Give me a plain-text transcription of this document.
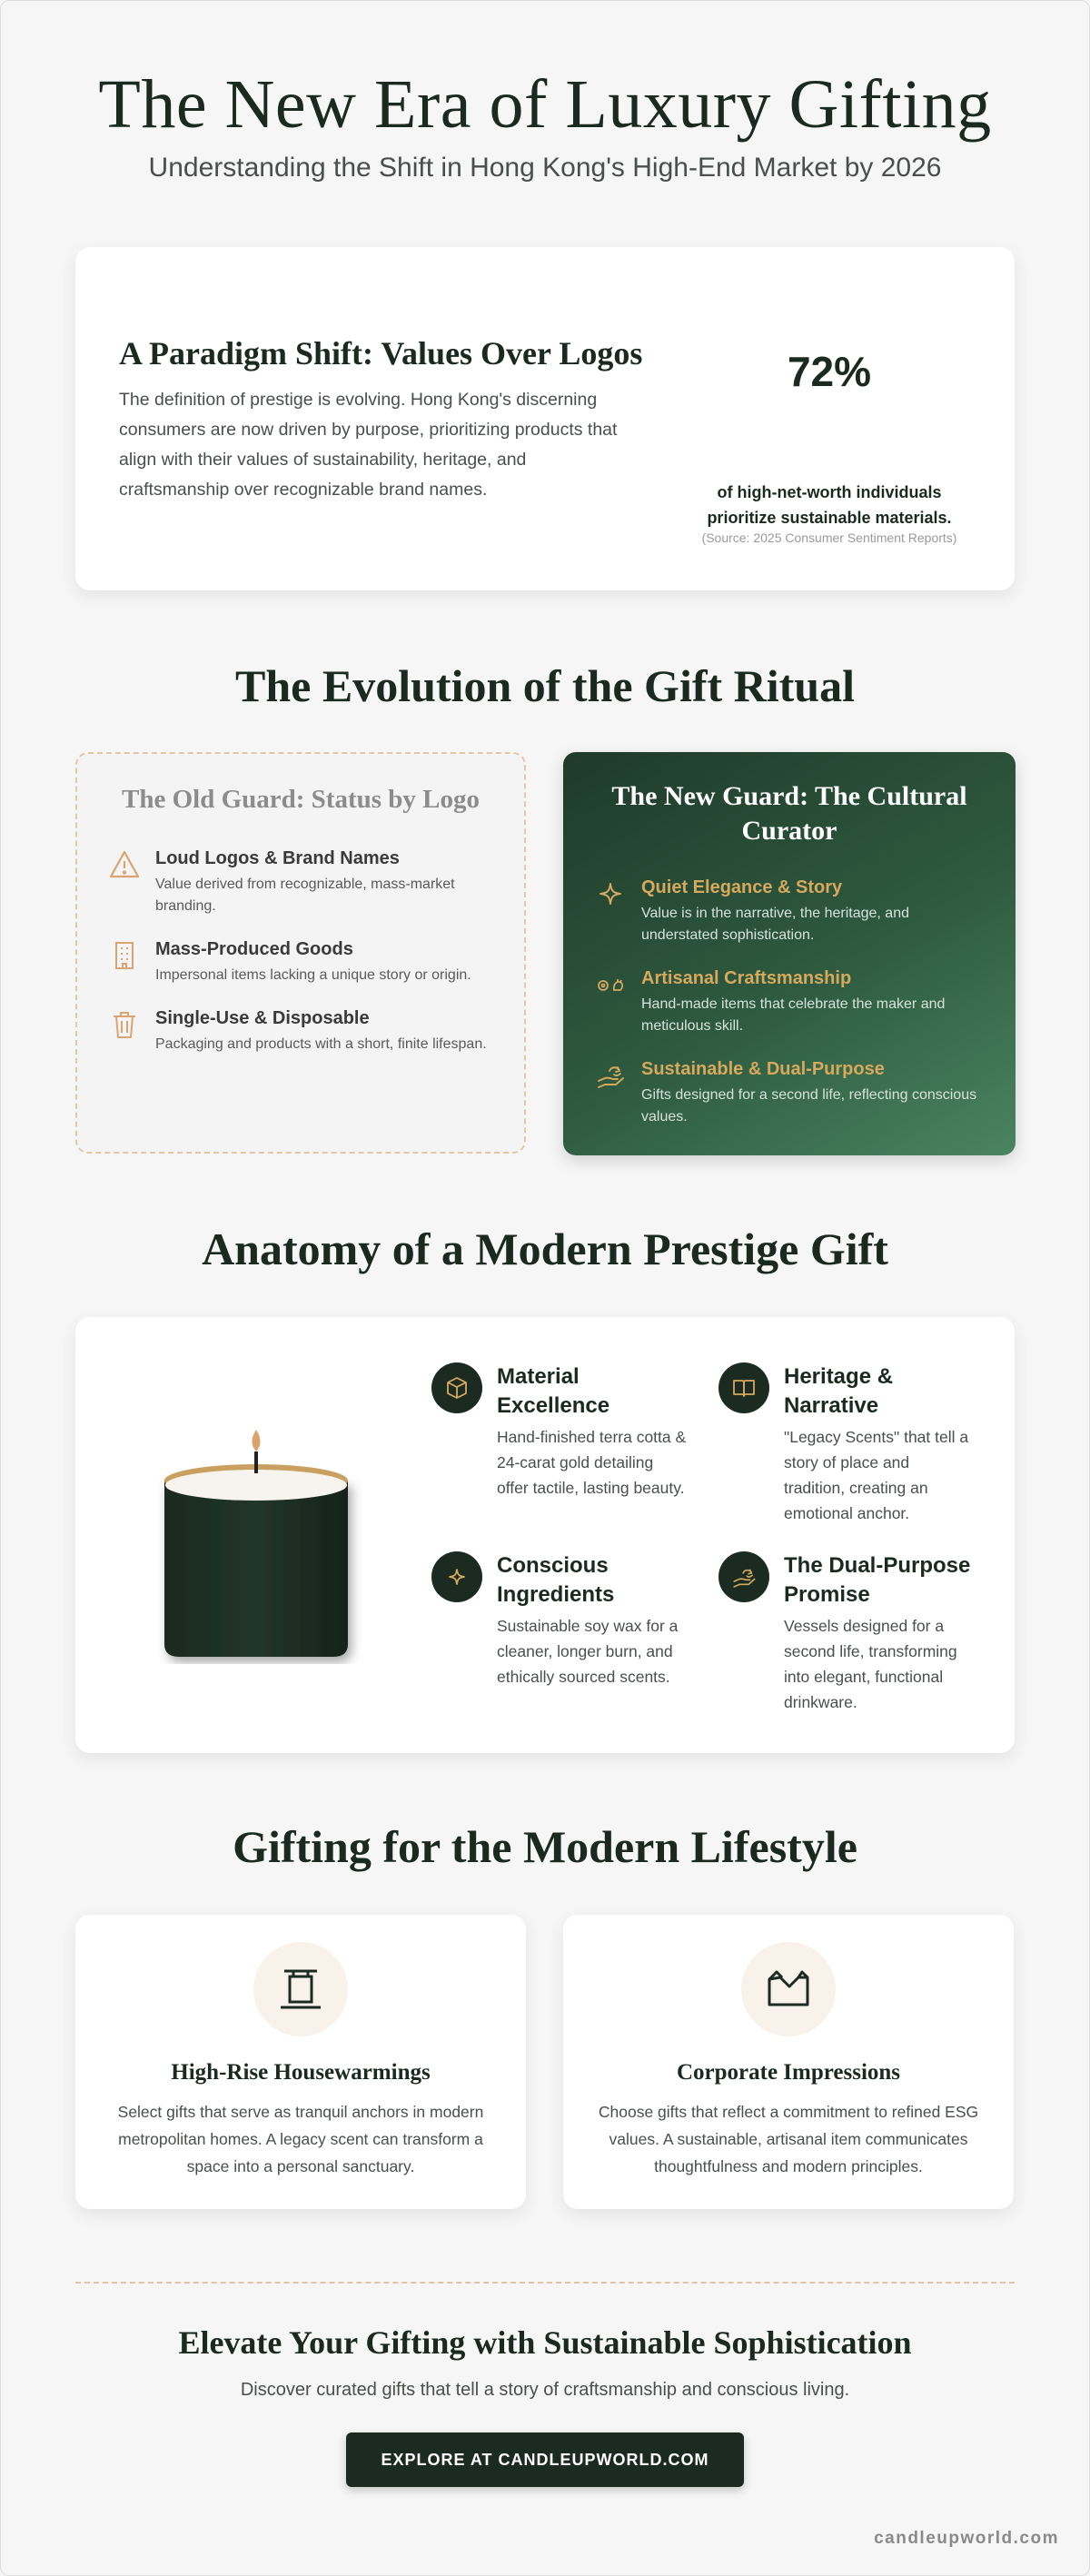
The New Era of Luxury Gifting
Understanding the Shift in Hong Kong's High-End Market by 2026
A Paradigm Shift: Values Over Logos

The definition of prestige is evolving. Hong Kong's discerning consumers are now driven by purpose, prioritizing products that align with their values of sustainability, heritage, and craftsmanship over recognizable brand names.

72%
of high-net-worth individuals prioritize sustainable materials.
(Source: 2025 Consumer Sentiment Reports)
The Evolution of the Gift Ritual
The Old Guard: Status by Logo
Loud Logos & Brand Names

Value derived from recognizable, mass-market branding.

Mass-Produced Goods

Impersonal items lacking a unique story or origin.

Single-Use & Disposable

Packaging and products with a short, finite lifespan.

The New Guard: The Cultural Curator
Quiet Elegance & Story

Value is in the narrative, the heritage, and understated sophistication.

Artisanal Craftsmanship

Hand-made items that celebrate the maker and meticulous skill.

Sustainable & Dual-Purpose

Gifts designed for a second life, reflecting conscious values.

Anatomy of a Modern Prestige Gift
Material Excellence

Hand-finished terra cotta & 24-carat gold detailing offer tactile, lasting beauty.

Heritage & Narrative

"Legacy Scents" that tell a story of place and tradition, creating an emotional anchor.

Conscious Ingredients

Sustainable soy wax for a cleaner, longer burn, and ethically sourced scents.

The Dual-Purpose Promise

Vessels designed for a second life, transforming into elegant, functional drinkware.

Gifting for the Modern Lifestyle
High-Rise Housewarmings

Select gifts that serve as tranquil anchors in modern metropolitan homes. A legacy scent can transform a space into a personal sanctuary.

Corporate Impressions

Choose gifts that reflect a commitment to refined ESG values. A sustainable, artisanal item communicates thoughtfulness and modern principles.

Elevate Your Gifting with Sustainable Sophistication

Discover curated gifts that tell a story of craftsmanship and conscious living.

EXPLORE AT CANDLEUPWORLD.COM
candleupworld.com
